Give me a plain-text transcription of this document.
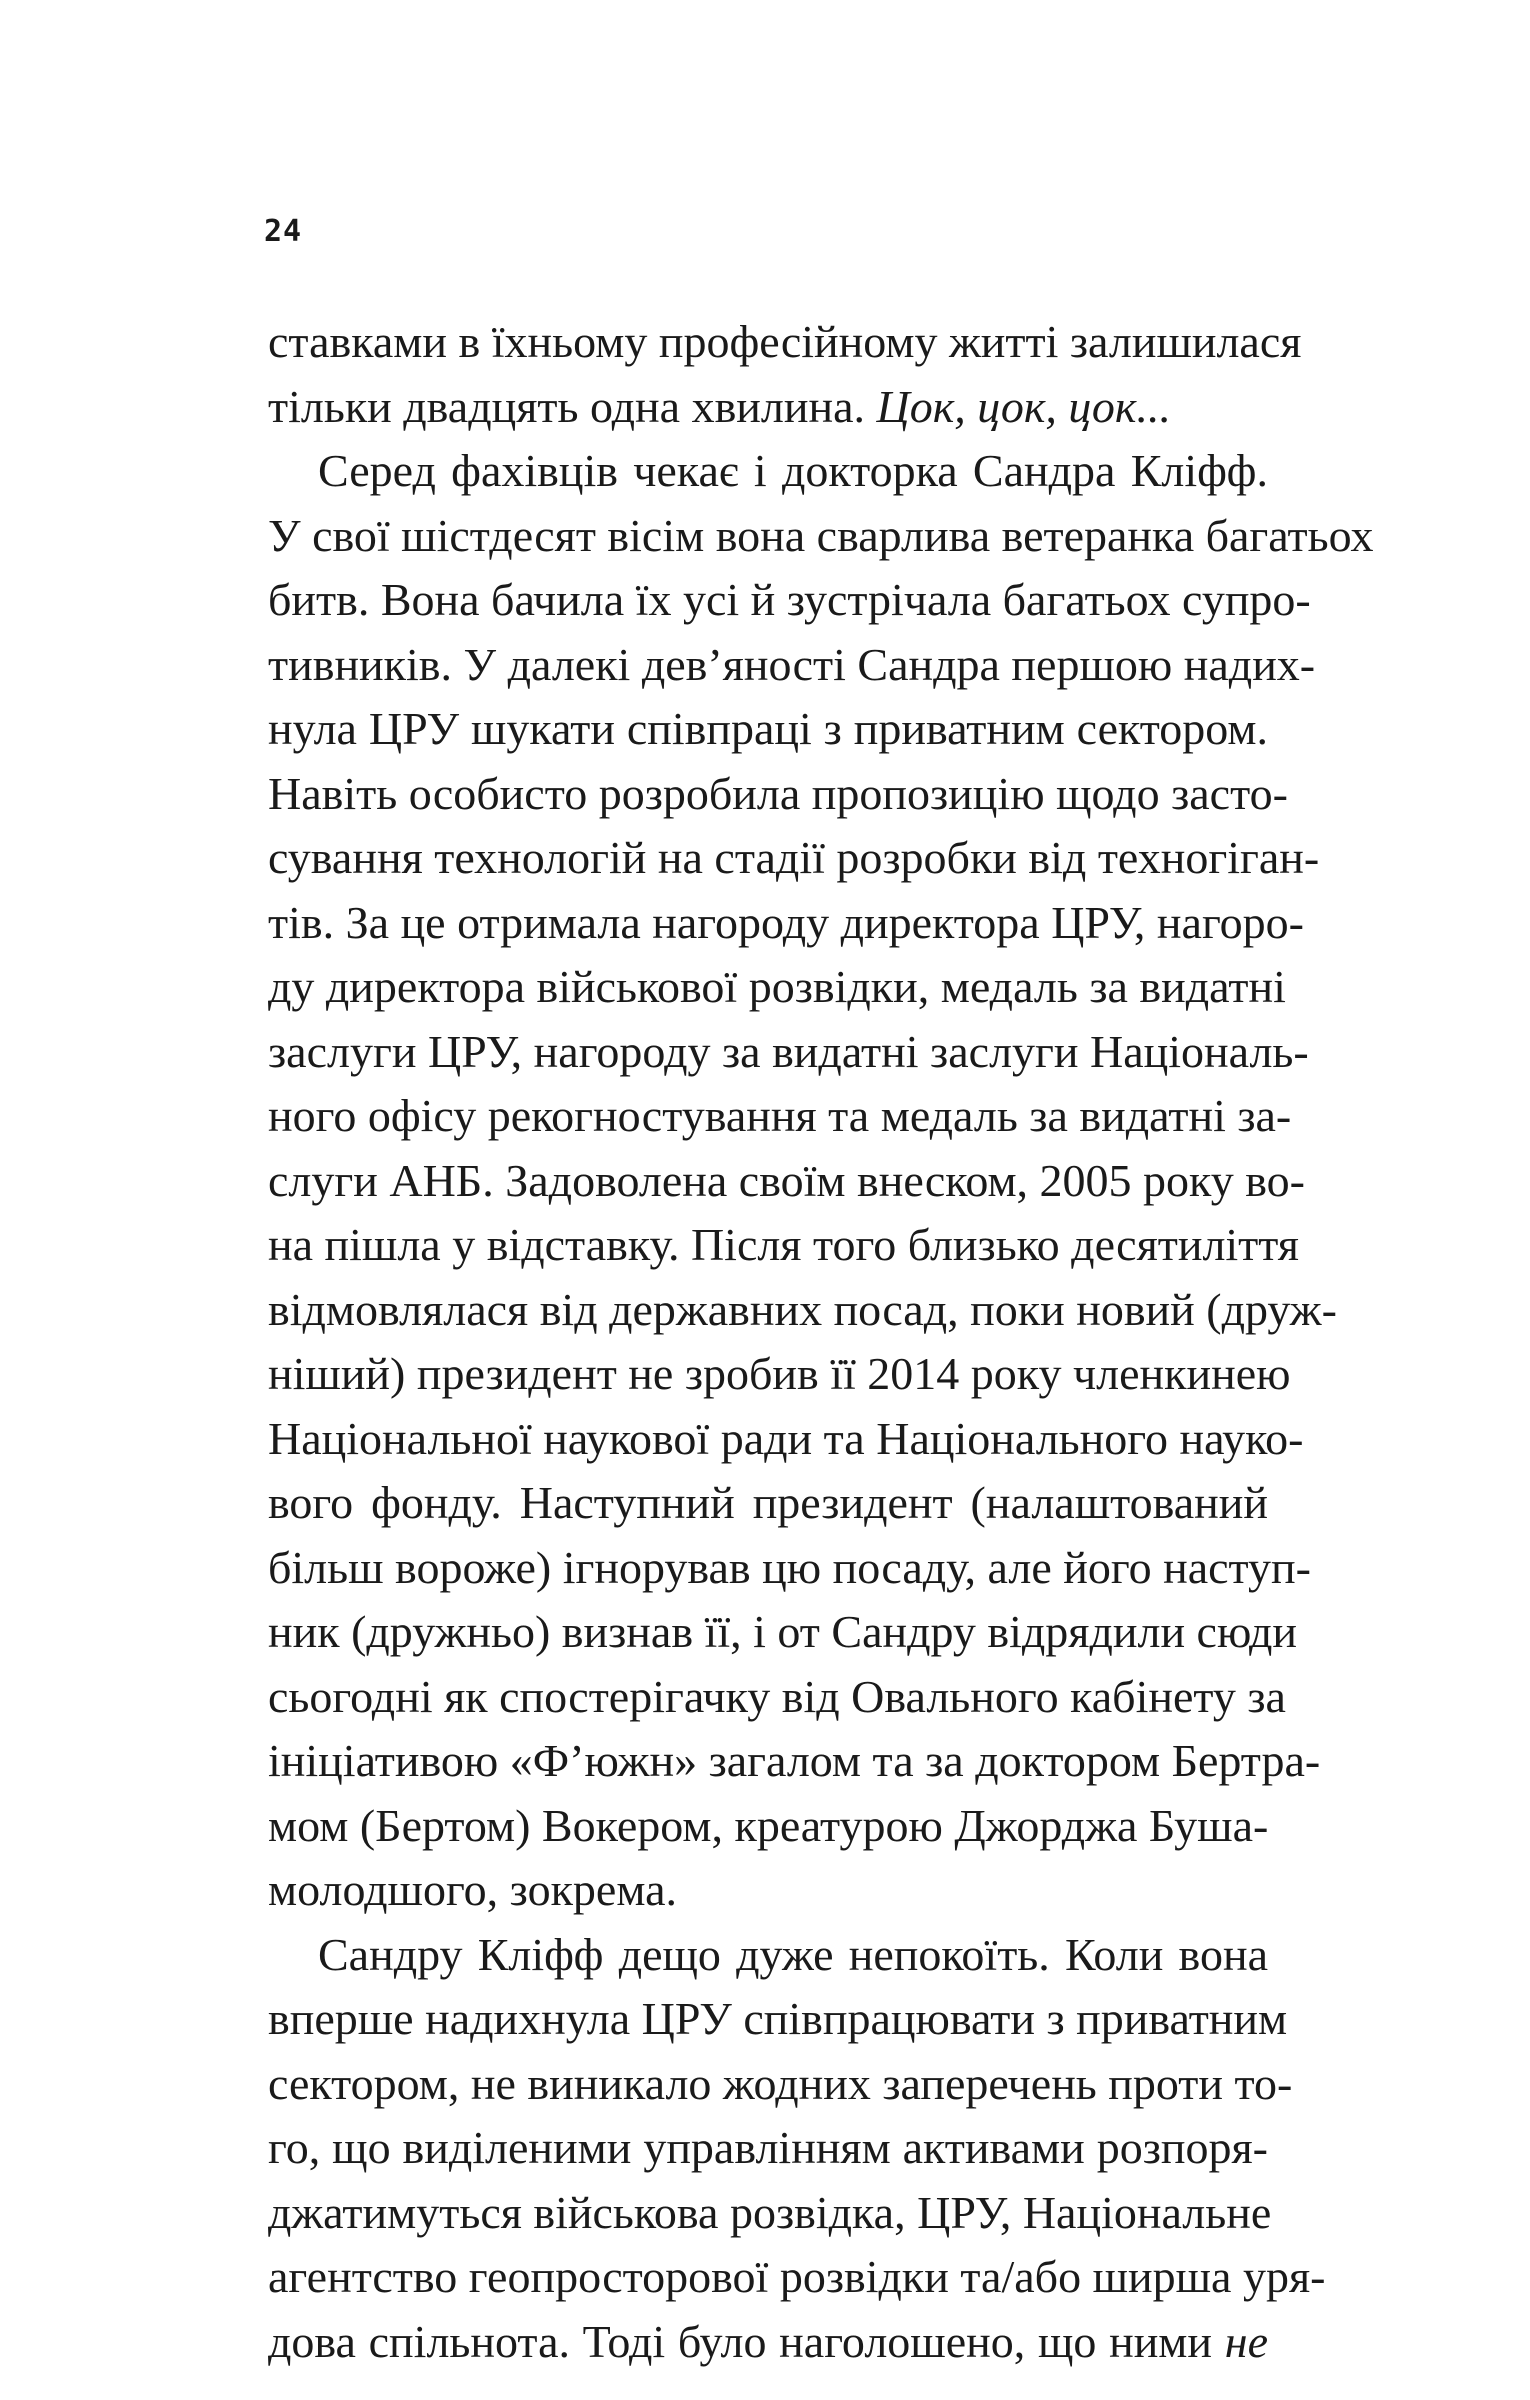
24
ставками в їхньому професійному житті залишилася
тільки двадцять одна хвилина. Цок, цок, цок...
Серед фахівців чекає і докторка Сандра Кліфф.
У свої шістдесят вісім вона сварлива ветеранка багатьох
битв. Вона бачила їх усі й зустрічала багатьох супро-
тивників. У далекі дев’яності Сандра першою надих-
нула ЦРУ шукати співпраці з приватним сектором.
Навіть особисто розробила пропозицію щодо засто-
сування технологій на стадії розробки від техногіган-
тів. За це отримала нагороду директора ЦРУ, нагоро-
ду директора військової розвідки, медаль за видатні
заслуги ЦРУ, нагороду за видатні заслуги Національ-
ного офісу рекогностування та медаль за видатні за-
слуги АНБ. Задоволена своїм внеском, 2005 року во-
на пішла у відставку. Після того близько десятиліття
відмовлялася від державних посад, поки новий (друж-
ніший) президент не зробив її 2014 року членкинею
Національної наукової ради та Національного науко-
вого фонду. Наступний президент (налаштований
більш вороже) ігнорував цю посаду, але його наступ-
ник (дружньо) визнав її, і от Сандру відрядили сюди
сьогодні як спостерігачку від Овального кабінету за
ініціативою «Ф’южн» загалом та за доктором Бертра-
мом (Бертом) Вокером, креатурою Джорджа Буша-
молодшого, зокрема.
Сандру Кліфф дещо дуже непокоїть. Коли вона
вперше надихнула ЦРУ співпрацювати з приватним
сектором, не виникало жодних заперечень проти то-
го, що виділеними управлінням активами розпоря-
джатимуться військова розвідка, ЦРУ, Національне
агентство геопросторової розвідки та/або ширша уря-
дова спільнота. Тоді було наголошено, що ними не
